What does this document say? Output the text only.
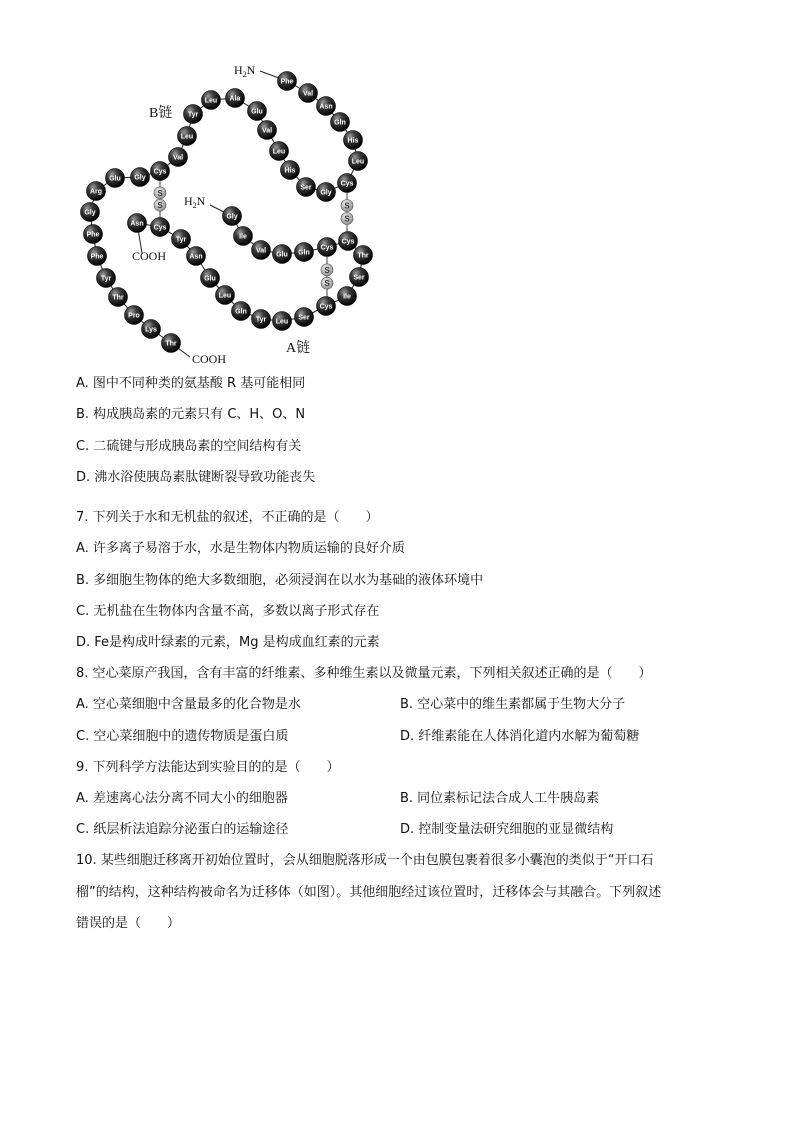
Phe
Val
Asn
Gln
His
Leu
Cys
Gly
Ser
His
Leu
Val
Glu
Ala
Leu
Tyr
Leu
Val
Cys
Gly
Glu
Arg
Gly
Phe
Phe
Tyr
Thr
Pro
Lys
Thr
Gly
Ile
Val
Glu Gln
Cys
Cys
Thr
Ser
Ile
Cys
Ser
Leu
Tyr
Gln
Leu
Glu
Asn
Tyr
Cys
Asn
S
S	S
S
S
S
$H_2N$
$H_2N$
B链
A链
COOH
COOH
A. 图中不同种类的氨基酸 R 基可能相同
B. 构成胰岛素的元素只有 C、H、O、N
C. 二硫键与形成胰岛素的空间结构有关
D. 沸水浴使胰岛素肽键断裂导致功能丧失
7. 下列关于水和无机盐的叙述，不正确的是（　　）
A. 许多离子易溶于水，水是生物体内物质运输的良好介质
B. 多细胞生物体的绝大多数细胞，必须浸润在以水为基础的液体环境中
C. 无机盐在生物体内含量不高，多数以离子形式存在
D. Fe是构成叶绿素的元素，Mg 是构成血红素的元素
8. 空心菜原产我国，含有丰富的纤维素、多种维生素以及微量元素，下列相关叙述正确的是（　　）
A. 空心菜细胞中含量最多的化合物是水	B. 空心菜中的维生素都属于生物大分子
C. 空心菜细胞中的遗传物质是蛋白质	D. 纤维素能在人体消化道内水解为葡萄糖
9. 下列科学方法能达到实验目的的是（　　）
A. 差速离心法分离不同大小的细胞器	B. 同位素标记法合成人工牛胰岛素
C. 纸层析法追踪分泌蛋白的运输途径	D. 控制变量法研究细胞的亚显微结构
10. 某些细胞迁移离开初始位置时，会从细胞脱落形成一个由包膜包裹着很多小囊泡的类似于“开口石
榴”的结构，这种结构被命名为迁移体（如图）。其他细胞经过该位置时，迁移体会与其融合。下列叙述
错误的是（　　）
